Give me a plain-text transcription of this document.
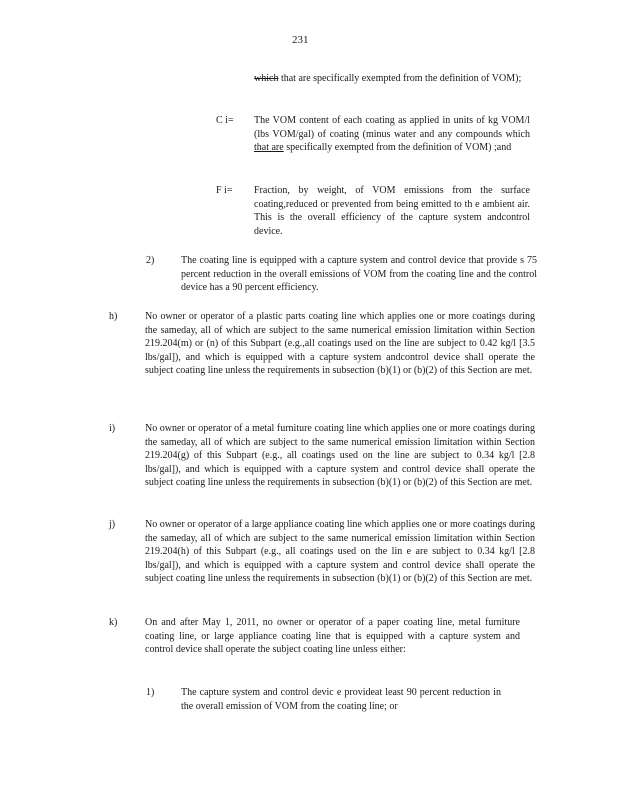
231

which that are specifically exempted from the definition of VOM);

C i= The VOM content of each coating as applied in units of kg VOM/l (lbs VOM/gal) of coating (minus water and any compounds which that are specifically exempted from the definition of VOM) ;and

F i= Fraction, by weight, of VOM emissions from the surface coating,reduced or prevented from being emitted to th e ambient air. This is the overall efficiency of the capture system andcontrol device.

2)	The coating line is equipped with a capture system and control device that provide s 75 percent reduction in the overall emissions of VOM from the coating line and the control device has a 90 percent efficiency.

h)	No owner or operator of a plastic parts coating line which applies one or more coatings during the sameday, all of which are subject to the same numerical emission limitation within Section 219.204(m) or (n) of this Subpart (e.g.,all coatings used on the line are subject to 0.42 kg/l [3.5 lbs/gal]), and which is equipped with a capture system andcontrol device shall operate the subject coating line unless the requirements in subsection (b)(1) or (b)(2) of this Section are met.

i)	No owner or operator of a metal furniture coating line which applies one or more coatings during the sameday, all of which are subject to the same numerical emission limitation within Section 219.204(g) of this Subpart (e.g., all coatings used on the line are subject to 0.34 kg/l [2.8 lbs/gal]), and which is equipped with a capture system and control device shall operate the subject coating line unless the requirements in subsection (b)(1) or (b)(2) of this Section are met.

j)	No owner or operator of a large appliance coating line which applies one or more coatings during the sameday, all of which are subject to the same numerical emission limitation within Section 219.204(h) of this Subpart (e.g., all coatings used on the lin e are subject to 0.34 kg/l [2.8 lbs/gal]), and which is equipped with a capture system and control device shall operate the subject coating line unless the requirements in subsection (b)(1) or (b)(2) of this Section are met.

k)	On and after May 1, 2011, no owner or operator of a paper coating line, metal furniture coating line, or large appliance coating line that is equipped with a capture system and control device shall operate the subject coating line unless either:

1)	The capture system and control devic e provideat least 90 percent reduction in the overall emission of VOM from the coating line; or
